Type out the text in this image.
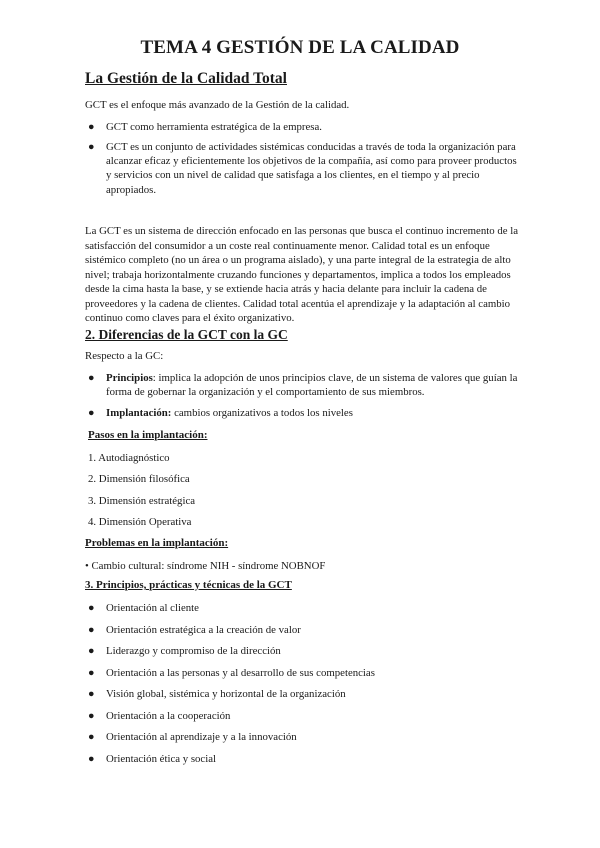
TEMA 4 GESTIÓN DE LA CALIDAD
La Gestión de la Calidad Total
GCT es el enfoque más avanzado de la Gestión de la calidad.
●	GCT como herramienta estratégica de la empresa.
●	GCT es un conjunto de actividades sistémicas conducidas a través de toda la organización para alcanzar eficaz y eficientemente los objetivos de la compañía, así como para proveer productos y servicios con un nivel de calidad que satisfaga a los clientes, en el tiempo y al precio apropiados.
La GCT es un sistema de dirección enfocado en las personas que busca el continuo incremento de la satisfacción del consumidor a un coste real continuamente menor. Calidad total es un enfoque sistémico completo (no un área o un programa aislado), y una parte integral de la estrategia de alto nivel; trabaja horizontalmente cruzando funciones y departamentos, implica a todos los empleados desde la cima hasta la base, y se extiende hacia atrás y hacia delante para incluir la cadena de proveedores y la cadena de clientes. Calidad total acentúa el aprendizaje y la adaptación al cambio continuo como claves para el éxito organizativo.
2. Diferencias de la GCT con la GC
Respecto a la GC:
●	Principios: implica la adopción de unos principios clave, de un sistema de valores que guían la forma de gobernar la organización y el comportamiento de sus miembros.
●	Implantación: cambios organizativos a todos los niveles
Pasos en la implantación:
1. Autodiagnóstico
2. Dimensión filosófica
3. Dimensión estratégica
4. Dimensión Operativa
Problemas en la implantación:
• Cambio cultural: síndrome NIH - síndrome NOBNOF
3. Principios, prácticas y técnicas de la GCT
●	Orientación al cliente
●	Orientación estratégica a la creación de valor
●	Liderazgo y compromiso de la dirección
●	Orientación a las personas y al desarrollo de sus competencias
●	Visión global, sistémica y horizontal de la organización
●	Orientación a la cooperación
●	Orientación al aprendizaje y a la innovación
●	Orientación ética y social
